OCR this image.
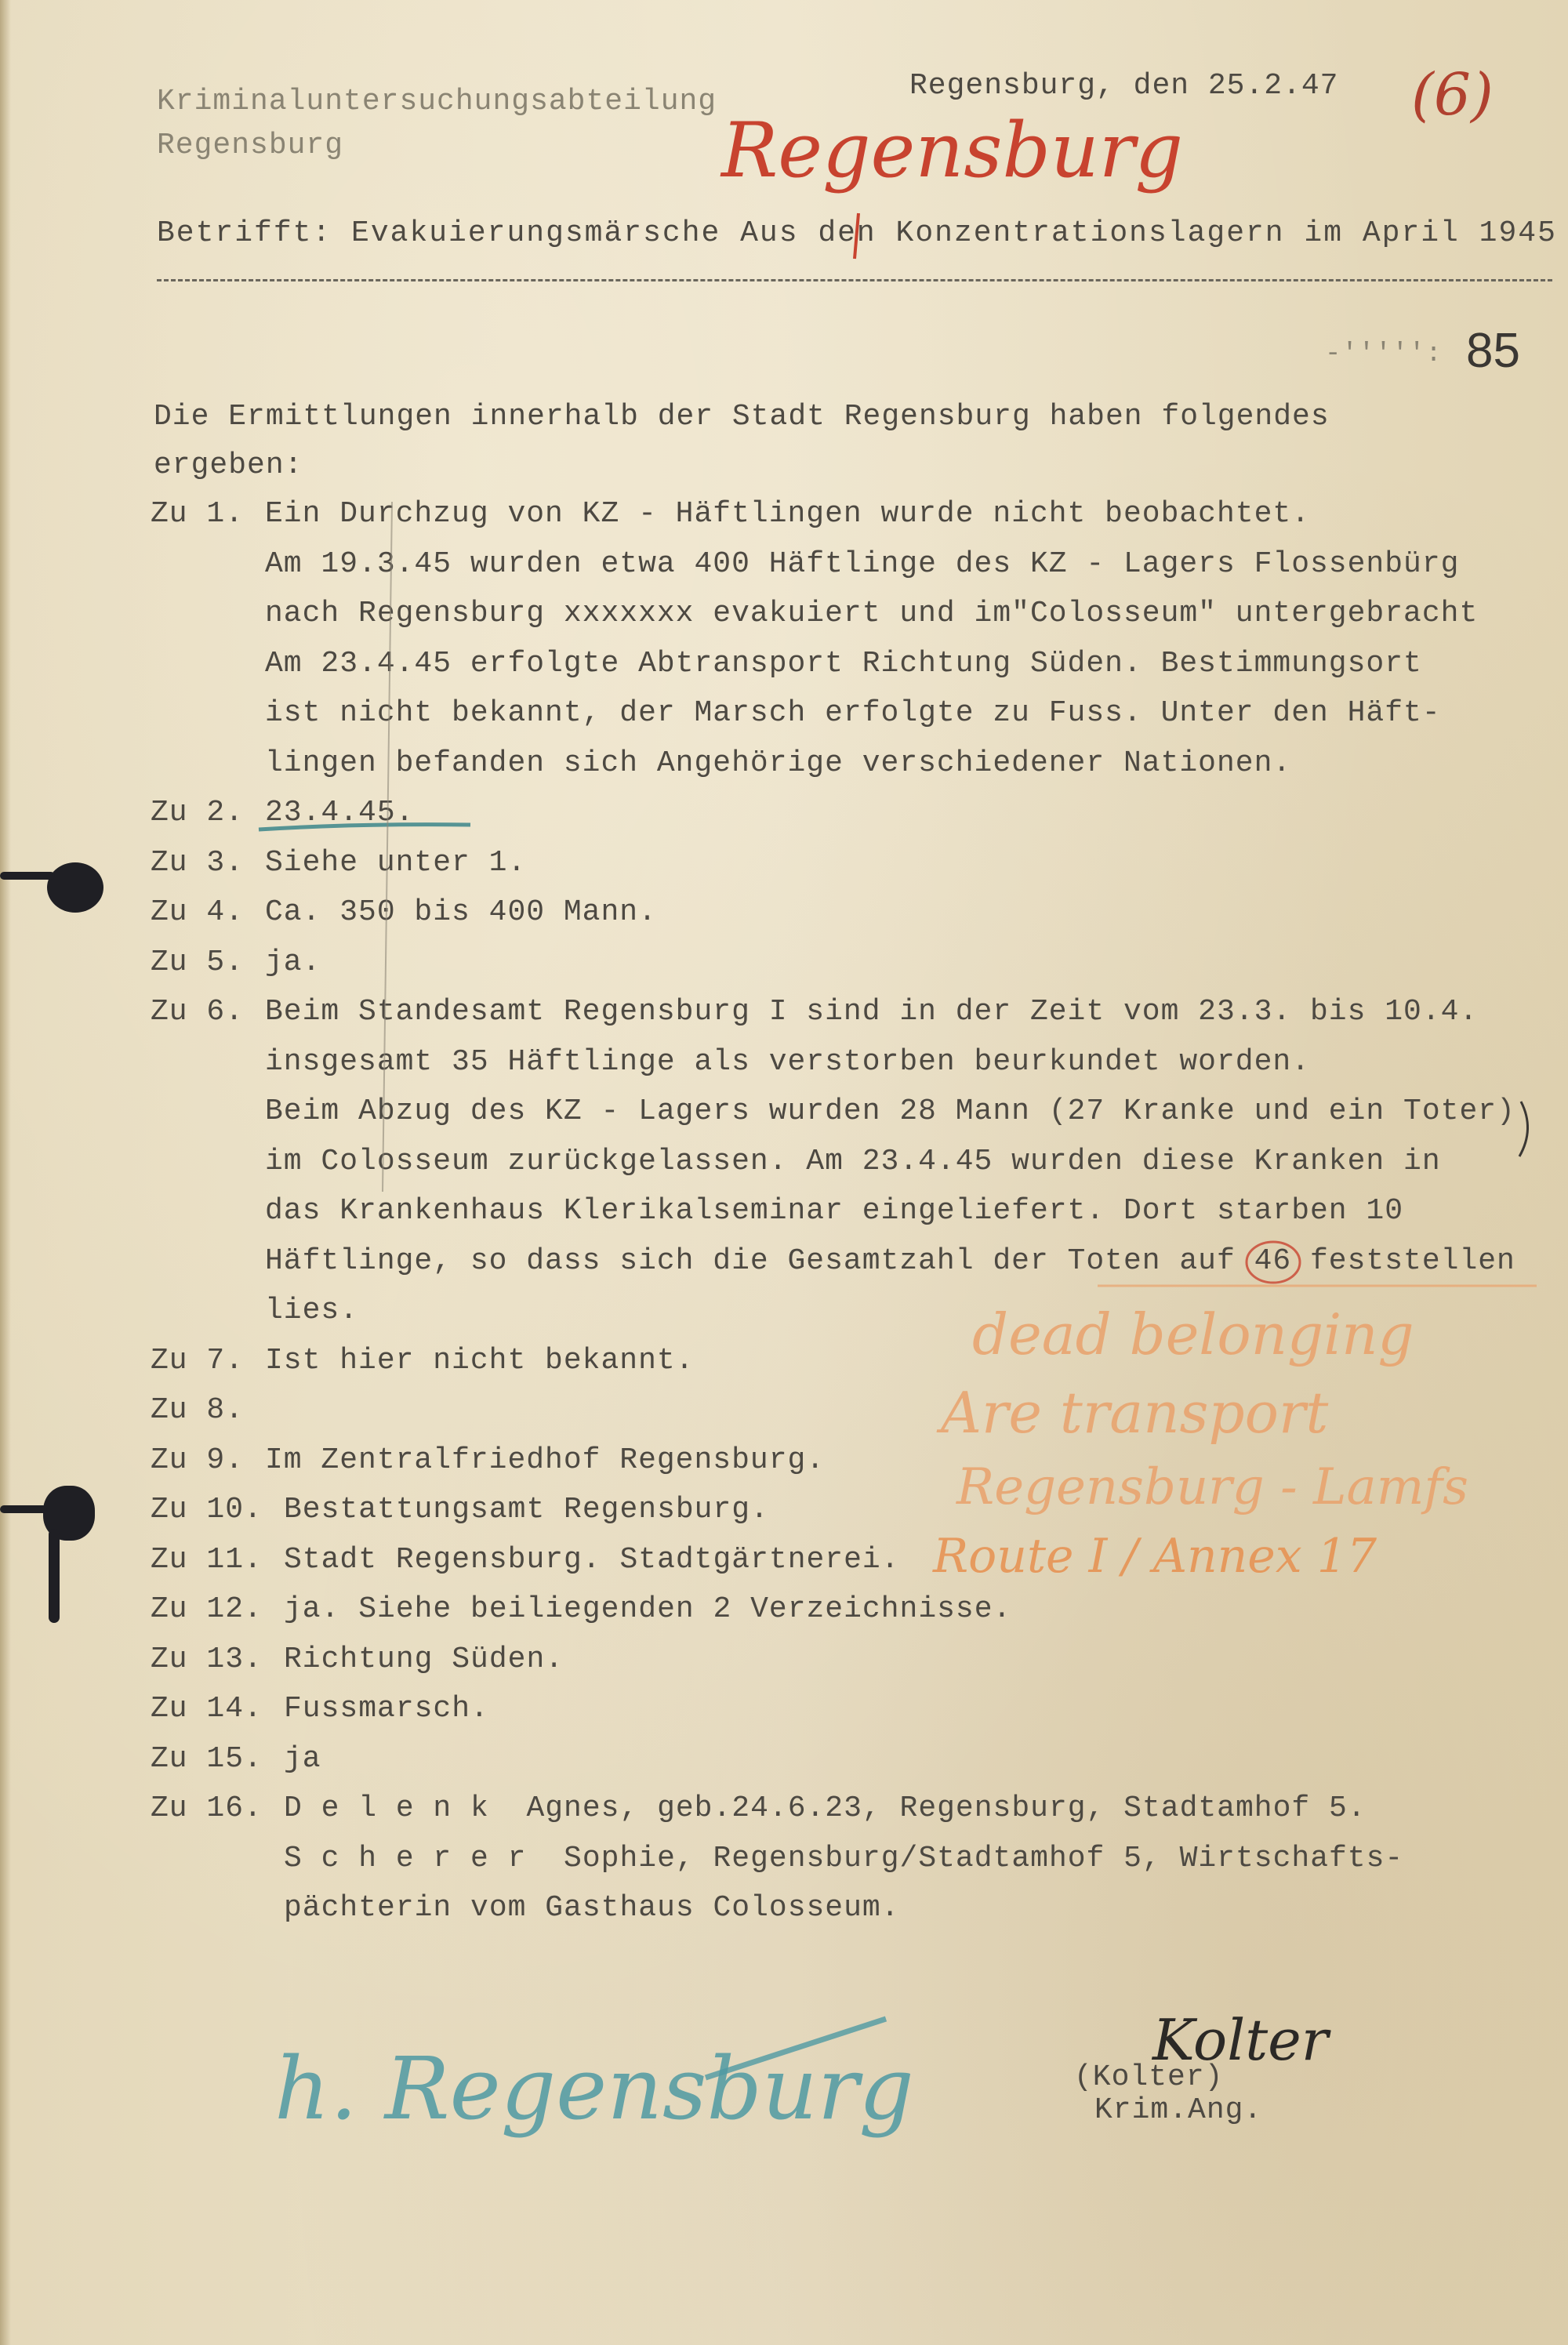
Kriminaluntersuchungsabteilung
Regensburg
Regensburg, den 25.2.47 (6)
Regensburg
Betrifft: Evakuierungsmärsche Aus den Konzentrationslagern im April 1945
85
-''''':
Die Ermittlungen innerhalb der Stadt Regensburg haben folgendes
ergeben:
Zu 1. Ein Durchzug von KZ - Häftlingen wurde nicht beobachtet.
Am 19.3.45 wurden etwa 400 Häftlinge des KZ - Lagers Flossenbürg
nach Regensburg xxxxxxx evakuiert und im"Colosseum" untergebracht
Am 23.4.45 erfolgte Abtransport Richtung Süden. Bestimmungsort
ist nicht bekannt, der Marsch erfolgte zu Fuss. Unter den Häft-
lingen befanden sich Angehörige verschiedener Nationen.
Zu 2. 23.4.45.
Zu 3. Siehe unter 1.
Zu 4. Ca. 350 bis 400 Mann.
Zu 5. ja.
Zu 6. Beim Standesamt Regensburg I sind in der Zeit vom 23.3. bis 10.4.
insgesamt 35 Häftlinge als verstorben beurkundet worden.
Beim Abzug des KZ - Lagers wurden 28 Mann (27 Kranke und ein Toter)
im Colosseum zurückgelassen. Am 23.4.45 wurden diese Kranken in
das Krankenhaus Klerikalseminar eingeliefert. Dort starben 10
Häftlinge, so dass sich die Gesamtzahl der Toten auf 46 feststellen
lies.
Zu 7. Ist hier nicht bekannt.
Zu 8.
Zu 9. Im Zentralfriedhof Regensburg.
Zu 10. Bestattungsamt Regensburg.
Zu 11. Stadt Regensburg. Stadtgärtnerei.
Zu 12. ja. Siehe beiliegenden 2 Verzeichnisse.
Zu 13. Richtung Süden.
Zu 14. Fussmarsch.
Zu 15. ja
Zu 16. D e l e n k  Agnes, geb.24.6.23, Regensburg, Stadtamhof 5.
S c h e r e r  Sophie, Regensburg/Stadtamhof 5, Wirtschafts-
pächterin vom Gasthaus Colosseum.
dead belonging
Are transport
Regensburg - Lamfs
Route I / Annex 17
Kolter
(Kolter)
Krim.Ang.
h. Regensburg
